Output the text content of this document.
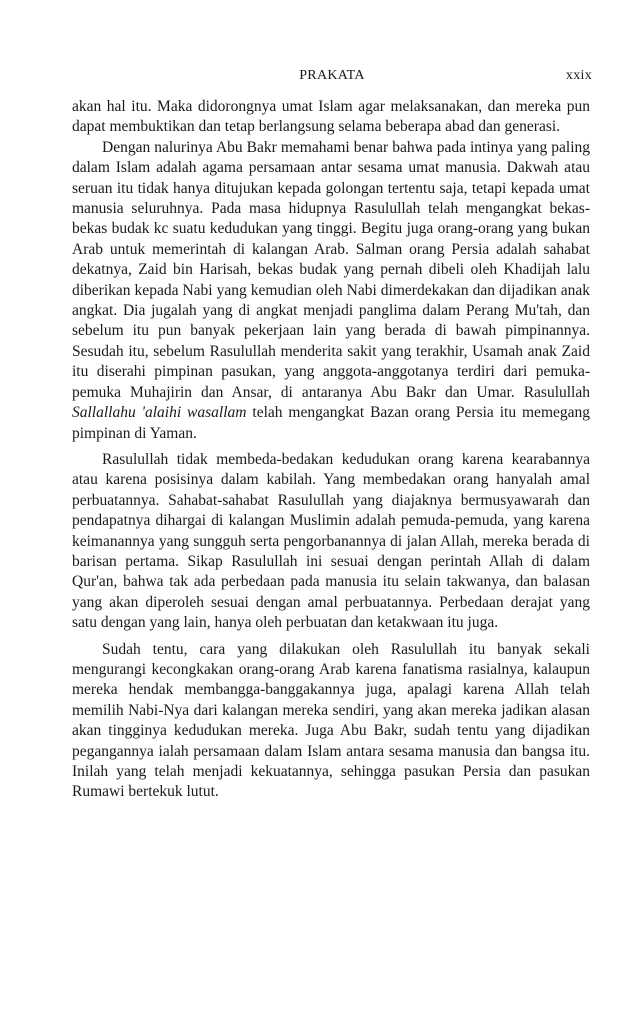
PRAKATA	xxix

akan hal itu. Maka didorongnya umat Islam agar melaksanakan, dan mereka pun dapat membuktikan dan tetap berlangsung selama beberapa abad dan generasi.

Dengan nalurinya Abu Bakr memahami benar bahwa pada intinya yang paling dalam Islam adalah agama persamaan antar sesama umat manusia. Dakwah atau seruan itu tidak hanya ditujukan kepada golongan tertentu saja, tetapi kepada umat manusia seluruhnya. Pada masa hidupnya Rasulullah telah mengangkat bekas-bekas budak kc suatu kedudukan yang tinggi. Begitu juga orang-orang yang bukan Arab untuk memerintah di kalangan Arab. Salman orang Persia adalah sahabat dekatnya, Zaid bin Harisah, bekas budak yang pernah dibeli oleh Khadijah lalu diberikan kepada Nabi yang kemudian oleh Nabi dimerdekakan dan dijadikan anak angkat. Dia jugalah yang di angkat menjadi panglima dalam Perang Mu'tah, dan sebelum itu pun banyak pekerjaan lain yang berada di bawah pimpinannya. Sesudah itu, sebelum Rasulullah menderita sakit yang terakhir, Usamah anak Zaid itu diserahi pimpinan pasukan, yang anggota-anggotanya terdiri dari pemuka-pemuka Muhajirin dan Ansar, di antaranya Abu Bakr dan Umar. Rasulullah Sallallahu 'alaihi wasallam telah mengangkat Bazan orang Persia itu memegang pimpinan di Yaman.

Rasulullah tidak membeda-bedakan kedudukan orang karena kearabannya atau karena posisinya dalam kabilah. Yang membedakan orang hanyalah amal perbuatannya. Sahabat-sahabat Rasulullah yang diajaknya bermusyawarah dan pendapatnya dihargai di kalangan Muslimin adalah pemuda-pemuda, yang karena keimanannya yang sungguh serta pengorbanannya di jalan Allah, mereka berada di barisan pertama. Sikap Rasulullah ini sesuai dengan perintah Allah di dalam Qur'an, bahwa tak ada perbedaan pada manusia itu selain takwanya, dan balasan yang akan diperoleh sesuai dengan amal perbuatannya. Perbedaan derajat yang satu dengan yang lain, hanya oleh perbuatan dan ketakwaan itu juga.

Sudah tentu, cara yang dilakukan oleh Rasulullah itu banyak sekali mengurangi kecongkakan orang-orang Arab karena fanatisma rasialnya, kalaupun mereka hendak membangga-banggakannya juga, apalagi karena Allah telah memilih Nabi-Nya dari kalangan mereka sendiri, yang akan mereka jadikan alasan akan tingginya kedudukan mereka. Juga Abu Bakr, sudah tentu yang dijadikan pegangannya ialah persamaan dalam Islam antara sesama manusia dan bangsa itu. Inilah yang telah menjadi kekuatannya, sehingga pasukan Persia dan pasukan Rumawi bertekuk lutut.
